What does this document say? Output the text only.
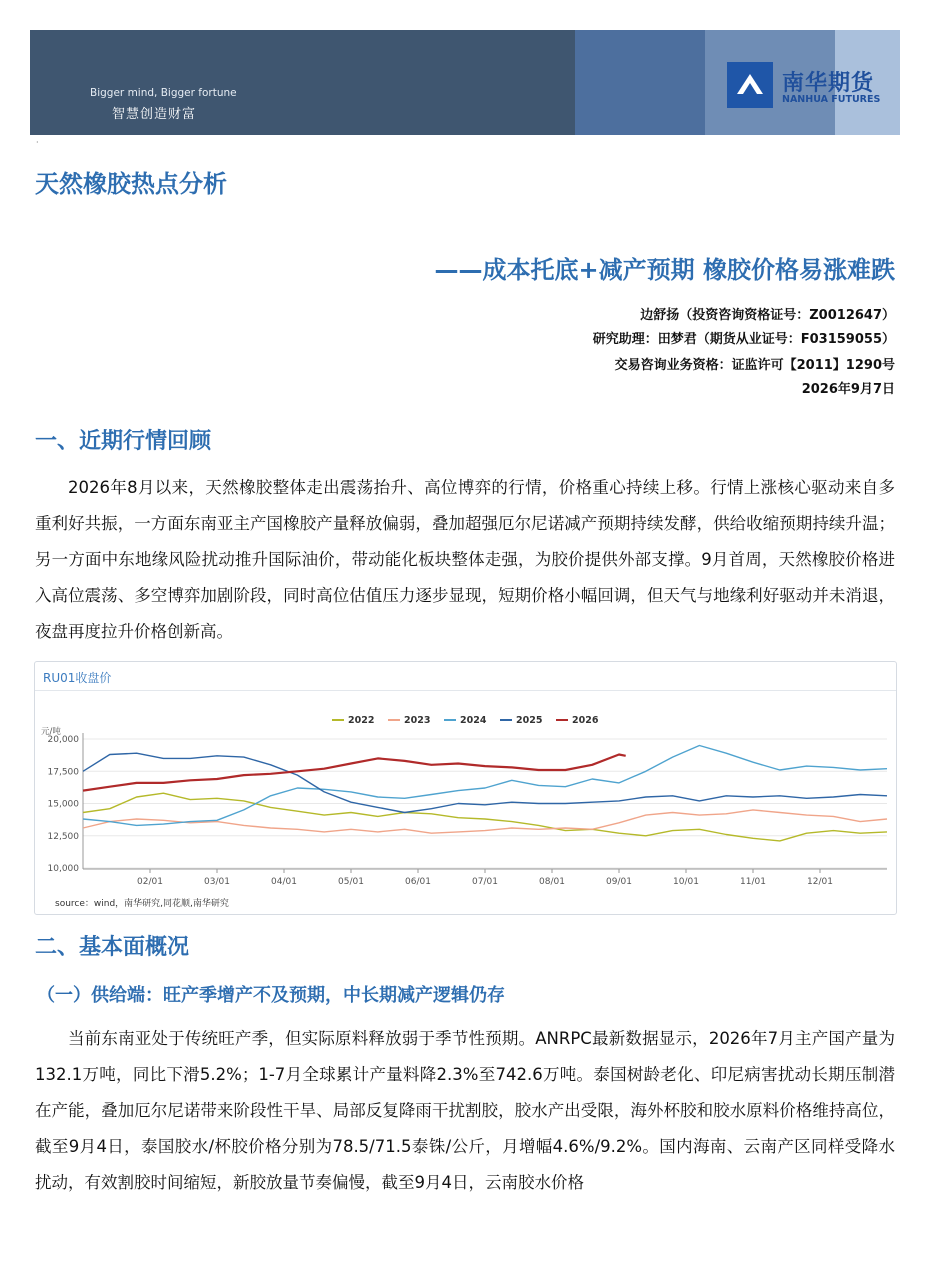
Bigger mind, Bigger fortune
智慧创造财富
南华期货
NANHUA FUTURES
·
天然橡胶热点分析
——成本托底+减产预期 橡胶价格易涨难跌
边舒扬（投资咨询资格证号：Z0012647）
研究助理：田梦君（期货从业证号：F03159055）
交易咨询业务资格：证监许可【2011】1290号
2026年9月7日
一、近期行情回顾
2026年8月以来，天然橡胶整体走出震荡抬升、高位博弈的行情，价格重心持续上移。行情上涨核心驱动来自多重利好共振，一方面东南亚主产国橡胶产量释放偏弱，叠加超强厄尔尼诺减产预期持续发酵，供给收缩预期持续升温；另一方面中东地缘风险扰动推升国际油价，带动能化板块整体走强，为胶价提供外部支撑。9月首周，天然橡胶价格进入高位震荡、多空博弈加剧阶段，同时高位估值压力逐步显现，短期价格小幅回调，但天气与地缘利好驱动并未消退，夜盘再度拉升价格创新高。
RU01收盘价
10,000
12,500
15,000
17,500
20,000
元/吨
02/01	03/01	04/01	05/01	06/01	07/01	08/01	09/01	10/01	11/01	12/01
2022	2023	2024	2025	2026
source：wind，南华研究,同花顺,南华研究
二、基本面概况
（一）供给端：旺产季增产不及预期，中长期减产逻辑仍存
当前东南亚处于传统旺产季，但实际原料释放弱于季节性预期。ANRPC最新数据显示，2026年7月主产国产量为132.1万吨，同比下滑5.2%；1-7月全球累计产量料降2.3%至742.6万吨。泰国树龄老化、印尼病害扰动长期压制潜在产能，叠加厄尔尼诺带来阶段性干旱、局部反复降雨干扰割胶，胶水产出受限，海外杯胶和胶水原料价格维持高位，截至9月4日，泰国胶水/杯胶价格分别为78.5/71.5泰铢/公斤，月增幅4.6%/9.2%。国内海南、云南产区同样受降水扰动，有效割胶时间缩短，新胶放量节奏偏慢，截至9月4日，云南胶水价格
